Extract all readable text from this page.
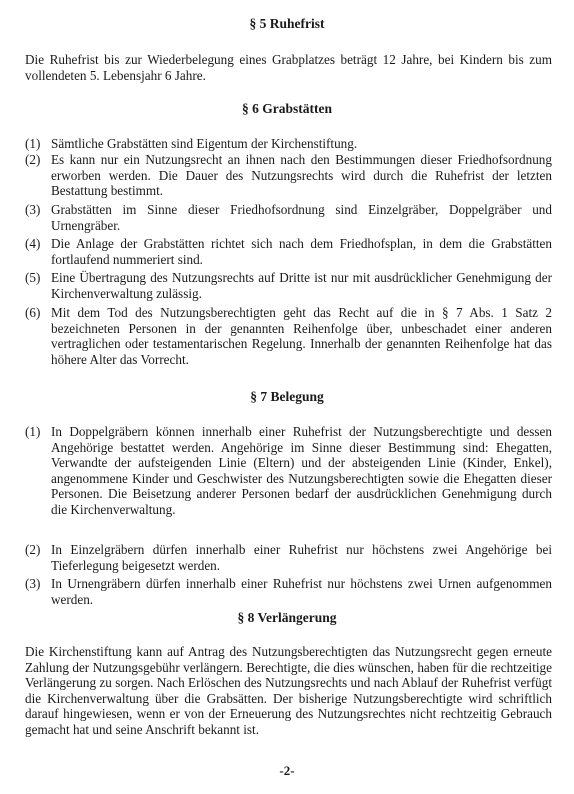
§ 5 Ruhefrist
Die Ruhefrist bis zur Wiederbelegung eines Grabplatzes beträgt 12 Jahre, bei Kindern bis zum vollendeten 5. Lebensjahr 6 Jahre.
§ 6 Grabstätten
(1) Sämtliche Grabstätten sind Eigentum der Kirchenstiftung.
(2) Es kann nur ein Nutzungsrecht an ihnen nach den Bestimmungen dieser Friedhofsordnung erworben werden. Die Dauer des Nutzungsrechts wird durch die Ruhefrist der letzten Bestattung bestimmt.
(3) Grabstätten im Sinne dieser Friedhofsordnung sind Einzelgräber, Doppelgräber und Urnengräber.
(4) Die Anlage der Grabstätten richtet sich nach dem Friedhofsplan, in dem die Grabstätten fortlaufend nummeriert sind.
(5) Eine Übertragung des Nutzungsrechts auf Dritte ist nur mit ausdrücklicher Genehmigung der Kirchenverwaltung zulässig.
(6) Mit dem Tod des Nutzungsberechtigten geht das Recht auf die in § 7 Abs. 1 Satz 2 bezeichneten Personen in der genannten Reihenfolge über, unbeschadet einer anderen vertraglichen oder testamentarischen Regelung. Innerhalb der genannten Reihenfolge hat das höhere Alter das Vorrecht.
§ 7 Belegung
(1) In Doppelgräbern können innerhalb einer Ruhefrist der Nutzungsberechtigte und dessen Angehörige bestattet werden. Angehörige im Sinne dieser Bestimmung sind: Ehegatten, Verwandte der aufsteigenden Linie (Eltern) und der absteigenden Linie (Kinder, Enkel), angenommene Kinder und Geschwister des Nutzungsberechtigten sowie die Ehegatten dieser Personen. Die Beisetzung anderer Personen bedarf der ausdrücklichen Genehmigung durch die Kirchenverwaltung.
(2) In Einzelgräbern dürfen innerhalb einer Ruhefrist nur höchstens zwei Angehörige bei Tieferlegung beigesetzt werden.
(3) In Urnengräbern dürfen innerhalb einer Ruhefrist nur höchstens zwei Urnen aufgenommen werden.
§ 8 Verlängerung
Die Kirchenstiftung kann auf Antrag des Nutzungsberechtigten das Nutzungsrecht gegen erneute Zahlung der Nutzungsgebühr verlängern. Berechtigte, die dies wünschen, haben für die rechtzeitige Verlängerung zu sorgen. Nach Erlöschen des Nutzungsrechts und nach Ablauf der Ruhefrist verfügt die Kirchenverwaltung über die Grabsätten. Der bisherige Nutzungsberechtigte wird schriftlich darauf hingewiesen, wenn er von der Erneuerung des Nutzungsrechtes nicht rechtzeitig Gebrauch gemacht hat und seine Anschrift bekannt ist.
-2-
